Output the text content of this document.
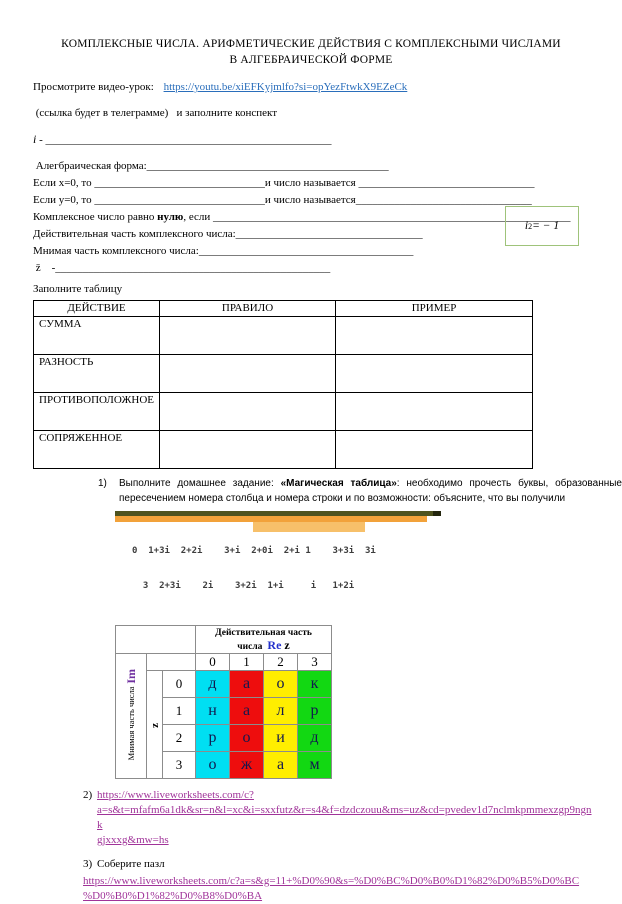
КОМПЛЕКСНЫЕ ЧИСЛА. АРИФМЕТИЧЕСКИЕ ДЕЙСТВИЯ С КОМПЛЕКСНЫМИ ЧИСЛАМИ В АЛГЕБРАИЧЕСКОЙ ФОРМЕ

Просмотрите видео-урок: https://youtu.be/xiEFKyjmlfo?si=opYezFtwkX9EZeCk

(ссылка будет в телеграмме)   и заполните конспект

i - ____________________________________________________

Алегбраическая форма:____________________________________________

Если х=0, то _______________________________и число называется ________________________________

Если у=0, то _______________________________и число называется________________________________

Комплексное число равно нулю, если _________________________________________________________________

Действительная часть комплексного числа:__________________________________

Мнимая часть комплексного числа:_______________________________________

z̄    -__________________________________________________

i 2 = − 1

Заполните таблицу

ДЕЙСТВИЕ	ПРАВИЛО	ПРИМЕР
СУММА		
РАЗНОСТЬ		
ПРОТИВОПОЛОЖНОЕ		
СОПРЯЖЕННОЕ		
1) Выполните домашнее задание: «Магическая таблица»: необходимо прочесть буквы, образованные пересечением номера столбца и номера строки и по возможности: объясните, что вы получили

0  1+3i  2+2i    3+i  2+0i  2+i 1    3+3i  3i

3  2+3i    2i    3+2i  1+i     i   1+2i

			Действительная часть числа Re z			
Мнимая часть числа Im			0	1	2	3
	z	0	д	а	о	к
		1	н	а	л	р
		2	р	о	и	д
		3	о	ж	а	м
2) https://www.liveworksheets.com/c?
a=s&t=mfafm6a1dk&sr=n&l=xc&i=sxxfutz&r=s4&f=dzdczouu&ms=uz&cd=pvedev1d7nclmkpmmexzgp9ngnk
gjxxxg&mw=hs
3) Соберите пазл
https://www.liveworksheets.com/c?a=s&g=11+%D0%90&s=%D0%BC%D0%B0%D1%82%D0%B5%D0%BC
%D0%B0%D1%82%D0%B8%D0%BA
